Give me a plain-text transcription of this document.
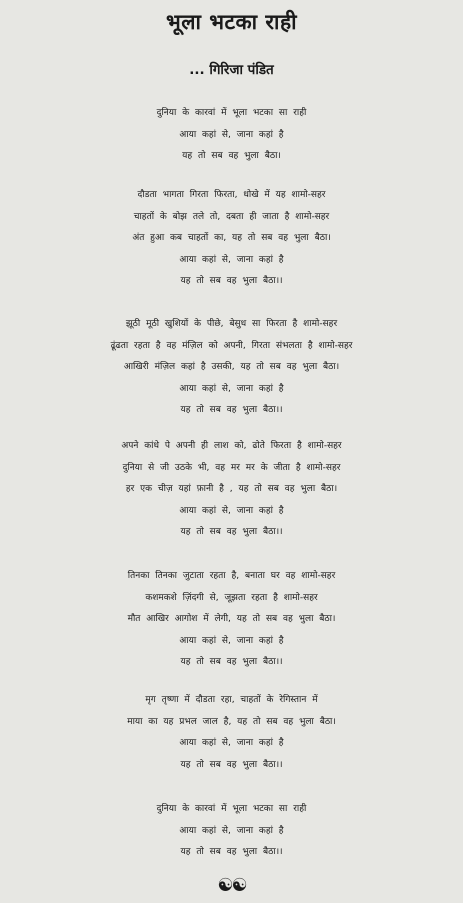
भूला भटका राही
... गिरिजा पंडित
दुनिया के कारवां में भूला भटका सा राही
आया कहां से, जाना कहां है
यह तो सब वह भुला बैठा।
दौडता भागता गिरता फिरता, धोखे में यह शामो-सहर
चाहतों के बोझ तले तो, दबता ही जाता है शामो-सहर
अंत हुआ कब चाहतों का, यह तो सब वह भुला बैठा।
आया कहां से, जाना कहां है
यह तो सब वह भुला बैठा।।
झूठी मूठी खुशियों के पीछे, बेसुध सा फिरता है शामो-सहर
ढूंढता रहता है वह मंज़िल को अपनी, गिरता संभलता है शामो-सहर
आखिरी मंज़िल कहां है उसकी, यह तो सब वह भुला बैठा।
आया कहां से, जाना कहां है
यह तो सब वह भुला बैठा।।
अपने कांधे पे अपनी ही लाश को, ढोते फिरता है शामो-सहर
दुनिया से जी उठके भी, वह मर मर के जीता है शामो-सहर
हर एक चीज़ यहां फ़ानी है , यह तो सब वह भुला बैठा।
आया कहां से, जाना कहां है
यह तो सब वह भुला बैठा।।
तिनका तिनका जुटाता रहता है, बनाता घर वह शामो-सहर
कशमकशे ज़िंदगी से, जूझता रहता है शामो-सहर
मौत आखिर आगोश में लेगी, यह तो सब वह भुला बैठा।
आया कहां से, जाना कहां है
यह तो सब वह भुला बैठा।।
मृग तृष्णा में दौडता रहा, चाहतों के रेगिस्तान में
माया का यह प्रभल जाल है, यह तो सब वह भुला बैठा।
आया कहां से, जाना कहां है
यह तो सब वह भुला बैठा।।
दुनिया के कारवां में भूला भटका सा राही
आया कहां से, जाना कहां है
यह तो सब वह भुला बैठा।।
☯☯
